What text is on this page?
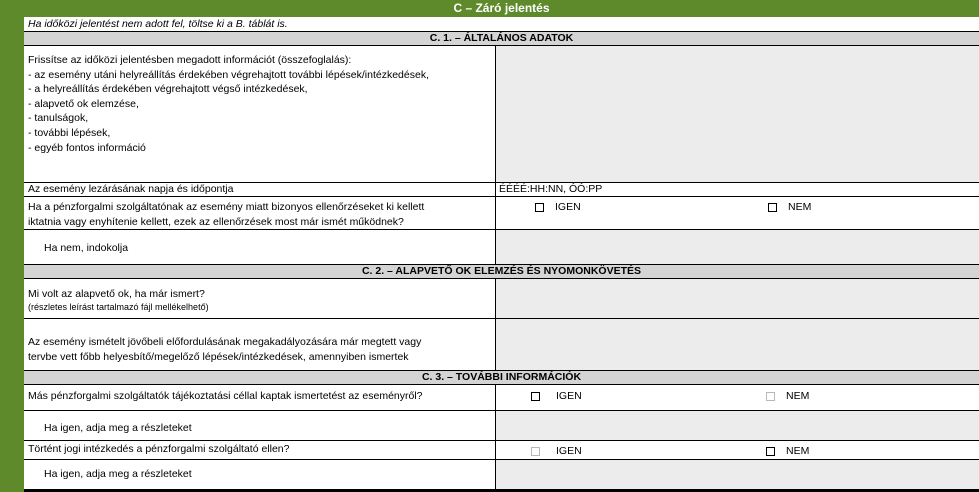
C – Záró jelentés
Ha időközi jelentést nem adott fel, töltse ki a B. táblát is.
C. 1. – ÁLTALÁNOS ADATOK
Frissítse az időközi jelentésben megadott információt (összefoglalás):
- az esemény utáni helyreállítás érdekében végrehajtott további lépések/intézkedések,
- a helyreállítás érdekében végrehajtott végső intézkedések,
- alapvető ok elemzése,
- tanulságok,
- további lépések,
- egyéb fontos információ
Az esemény lezárásának napja és időpontja	ÉÉÉÉ:HH:NN, ÓÓ:PP
Ha a pénzforgalmi szolgáltatónak az esemény miatt bizonyos ellenőrzéseket ki kellett
iktatnia vagy enyhítenie kellett, ezek az ellenőrzések most már ismét működnek?
IGEN	NEM
Ha nem, indokolja
C. 2. – ALAPVETŐ OK ELEMZÉS ÉS NYOMONKÖVETÉS
Mi volt az alapvető ok, ha már ismert?
(részletes leírást tartalmazó fájl mellékelhető)
Az esemény ismételt jövőbeli előfordulásának megakadályozására már megtett vagy
tervbe vett főbb helyesbítő/megelőző lépések/intézkedések, amennyiben ismertek
C. 3. – TOVÁBBI INFORMÁCIÓK
Más pénzforgalmi szolgáltatók tájékoztatási céllal kaptak ismertetést az eseményről?	IGEN	NEM
Ha igen, adja meg a részleteket
Történt jogi intézkedés a pénzforgalmi szolgáltató ellen?	IGEN	NEM
Ha igen, adja meg a részleteket
